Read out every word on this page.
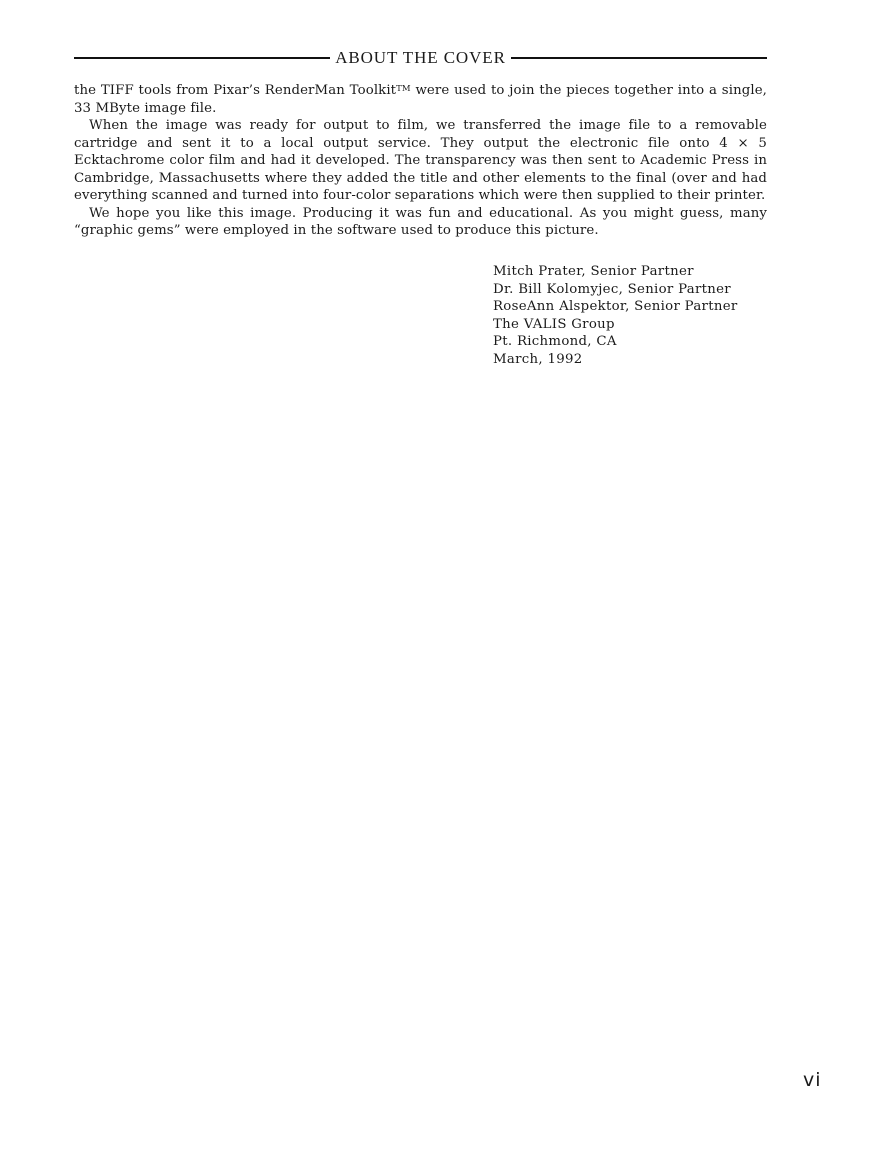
ABOUT THE COVER

the TIFF tools from Pixar’s RenderMan Toolkit™ were used to join the pieces together into a single, 33 MByte image file.

When the image was ready for output to film, we transferred the image file to a removable cartridge and sent it to a local output service. They output the electronic file onto 4 × 5 Ecktachrome color film and had it developed. The transparency was then sent to Academic Press in Cambridge, Massachusetts where they added the title and other elements to the final (over and had everything scanned and turned into four-color separations which were then supplied to their printer.

We hope you like this image. Producing it was fun and educational. As you might guess, many “graphic gems” were employed in the software used to produce this picture.

Mitch Prater, Senior Partner
Dr. Bill Kolomyjec, Senior Partner
RoseAnn Alspektor, Senior Partner
The VALIS Group
Pt. Richmond, CA
March, 1992
vi
